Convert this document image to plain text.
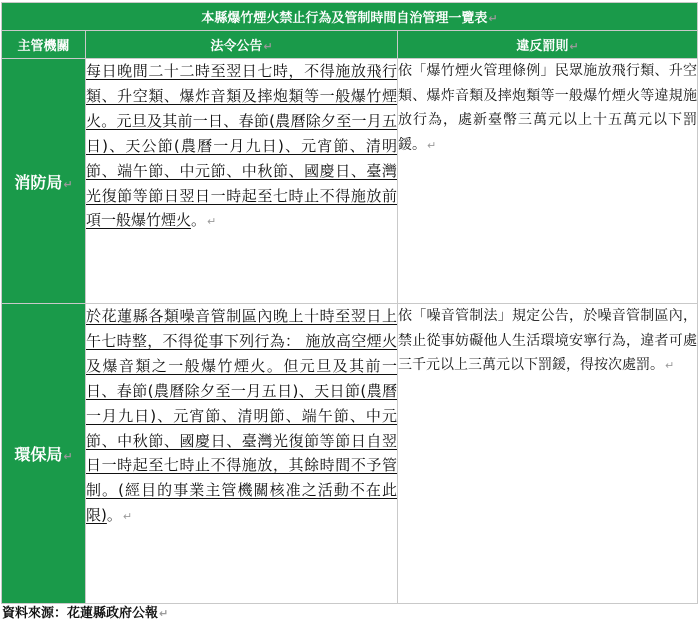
本縣爆竹煙火禁止行為及管制時間自治管理一覽表↵		
主管機關	法令公告↵	違反罰則↵
消防局↵	每日晚間二十二時至翌日七時，不得施放飛行類、升空類、爆炸音類及摔炮類等一般爆竹煙火。元旦及其前一日、春節(農曆除夕至一月五日)、天公節(農曆一月九日)、元宵節、清明節、端午節、中元節、中秋節、國慶日、臺灣光復節等節日翌日一時起至七時止不得施放前項一般爆竹煙火。↵	依「爆竹煙火管理條例」民眾施放飛行類、升空類、爆炸音類及摔炮類等一般爆竹煙火等違規施放行為，處新臺幣三萬元以上十五萬元以下罰鍰。↵
環保局↵	於花蓮縣各類噪音管制區內晚上十時至翌日上午七時整，不得從事下列行為： 施放高空煙火及爆音類之一般爆竹煙火。但元旦及其前一日、春節(農曆除夕至一月五日)、天日節(農曆一月九日)、元宵節、清明節、端午節、中元節、中秋節、國慶日、臺灣光復節等節日自翌日一時起至七時止不得施放，其餘時間不予管制。(經目的事業主管機關核准之活動不在此限)。↵	依「噪音管制法」規定公告，於噪音管制區內，禁止從事妨礙他人生活環境安寧行為，違者可處三千元以上三萬元以下罰鍰，得按次處罰。↵
資料來源：花蓮縣政府公報↵
